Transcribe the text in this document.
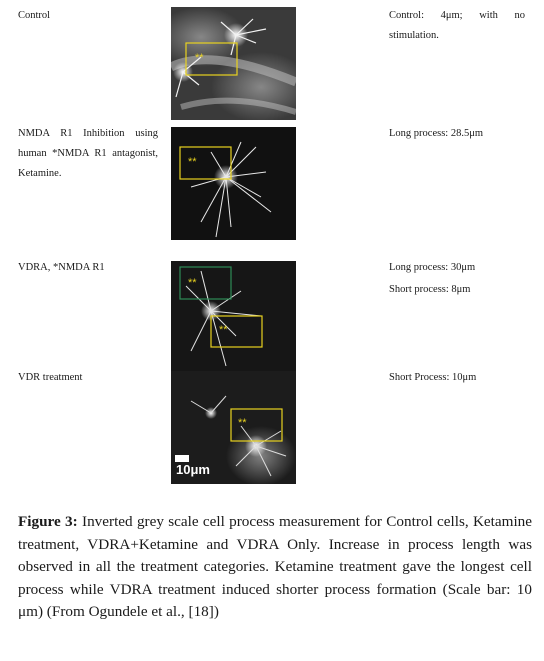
Control
**
Control: 4μm; with no stimulation.
NMDA R1 Inhibition using human *NMDA R1 antagonist, Ketamine.
**
Long process: 28.5μm
VDRA, *NMDA R1
**
**
Long process: 30μm
Short process: 8μm
VDR treatment
**
10μm
Short Process: 10μm
Figure 3: Inverted grey scale cell process measurement for Control cells, Ketamine treatment, VDRA+Ketamine and VDRA Only. Increase in process length was observed in all the treatment categories. Ketamine treatment gave the longest cell process while VDRA treatment induced shorter process formation (Scale bar: 10 μm) (From Ogundele et al., [18])
